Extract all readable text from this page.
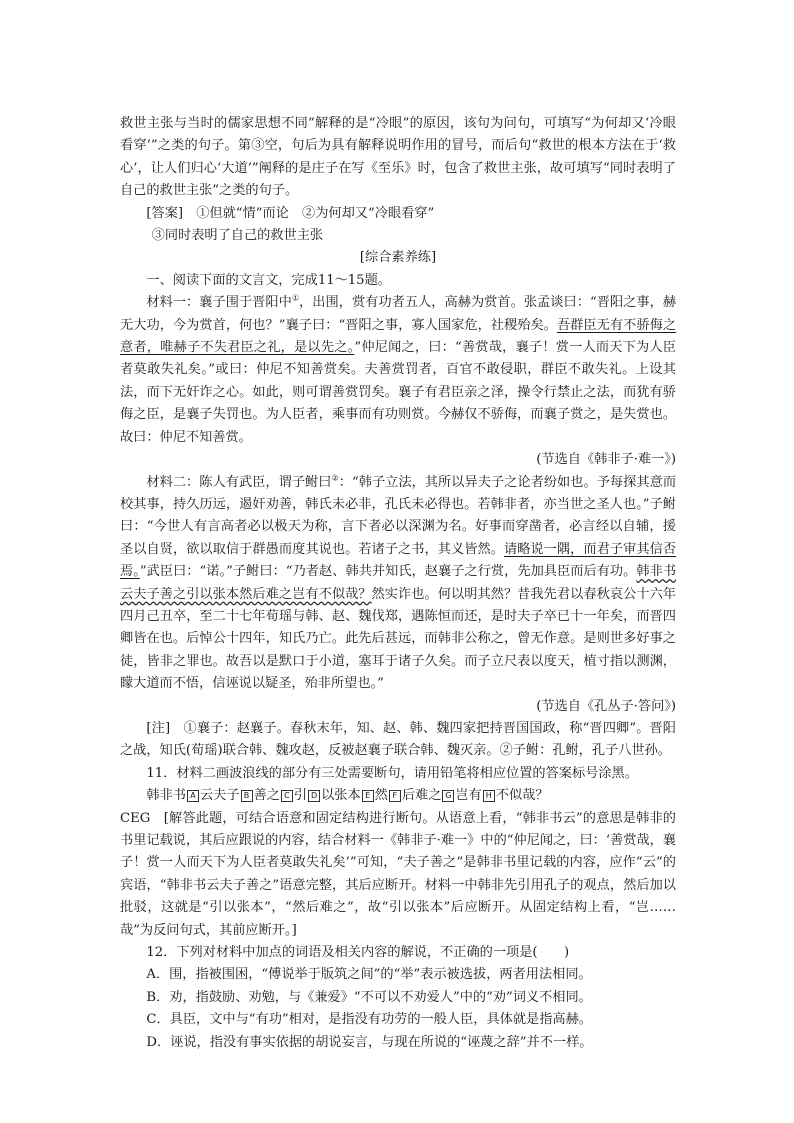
救世主张与当时的儒家思想不同”解释的是“冷眼”的原因，该句为问句，可填写“为何却又‘冷眼看穿’”之类的句子。第③空，句后为具有解释说明作用的冒号，而后句“救世的根本方法在于‘救心’，让人们归心‘大道’”阐释的是庄子在写《至乐》时，包含了救世主张，故可填写“同时表明了自己的救世主张”之类的句子。

[答案]　 ①但就“情”而论　 ②为何却又“冷眼看穿”

③同时表明了自己的救世主张

[综合素养练]

一、阅读下面的文言文，完成11～15题。

材料一：襄子围于晋阳中①，出围，赏有功者五人，高赫为赏首。张孟谈曰：“晋阳之事，赫无大功，今为赏首，何也？”襄子曰：“晋阳之事，寡人国家危，社稷殆矣。吾群臣无有不骄侮之意者，唯赫子不失君臣之礼，是以先之。”仲尼闻之，曰：“善赏哉，襄子！赏一人而天下为人臣者莫敢失礼矣。”或曰：仲尼不知善赏矣。夫善赏罚者，百官不敢侵职，群臣不敢失礼。上设其法，而下无奸诈之心。如此，则可谓善赏罚矣。襄子有君臣亲之泽，操令行禁止之法，而犹有骄侮之臣，是襄子失罚也。为人臣者，乘事而有功则赏。今赫仅不骄侮，而襄子赏之，是失赏也。故曰：仲尼不知善赏。

(节选自《韩非子·难一》)

材料二：陈人有武臣，谓子鲋曰②：“韩子立法，其所以异夫子之论者纷如也。予每探其意而校其事，持久历远，遏奸劝善，韩氏未必非，孔氏未必得也。若韩非者，亦当世之圣人也。”子鲋曰：“今世人有言高者必以极天为称，言下者必以深渊为名。好事而穿凿者，必言经以自辅，援圣以自贤，欲以取信于群愚而度其说也。若诸子之书，其义皆然。请略说一隅，而君子审其信否焉。”武臣曰：“诺。”子鲋曰：“乃者赵、韩共并知氏，赵襄子之行赏，先加具臣而后有功。韩非书云夫子善之引以张本然后难之岂有不似哉？然实诈也。何以明其然？昔我先君以春秋哀公十六年四月己丑卒，至二十七年荀瑶与韩、赵、魏伐郑，遇陈恒而还，是时夫子卒已十一年矣，而晋四卿皆在也。后悼公十四年，知氏乃亡。此先后甚远，而韩非公称之，曾无作意。是则世多好事之徒，皆非之罪也。故吾以是默口于小道，塞耳于诸子久矣。而子立尺表以度天，植寸指以测渊，矇大道而不悟，信诬说以疑圣，殆非所望也。”

(节选自《孔丛子·答问》)

[注]　①襄子：赵襄子。春秋末年，知、赵、韩、魏四家把持晋国国政，称“晋四卿”。晋阳之战，知氏(荀瑶)联合韩、魏攻赵，反被赵襄子联合韩、魏灭亲。②子鲋：孔鲋，孔子八世孙。

11．材料二画波浪线的部分有三处需要断句，请用铅笔将相应位置的答案标号涂黑。

韩非书 A 云夫子 B 善之 C 引 D 以张本 E 然 F 后难之 G 岂有 H 不似哉？

CEG　[解答此题，可结合语意和固定结构进行断句。从语意上看，“韩非书云”的意思是韩非的书里记载说，其后应跟说的内容，结合材料一《韩非子·难一》中的“仲尼闻之，曰：‘善赏哉，襄子！赏一人而天下为人臣者莫敢失礼矣’”可知，“夫子善之”是韩非书里记载的内容，应作“云”的宾语，“韩非书云夫子善之”语意完整，其后应断开。材料一中韩非先引用孔子的观点，然后加以批驳，这就是“引以张本”，“然后难之”，故“引以张本”后应断开。从固定结构上看，“岂……哉”为反问句式，其前应断开。]

12．下列对材料中加点的词语及相关内容的解说，不正确的一项是(　　)

A．围，指被围困，“傅说举于版筑之间”的“举”表示被选拔，两者用法相同。

B．劝，指鼓励、劝勉，与《兼爱》“不可以不劝爱人”中的“劝”词义不相同。

C．具臣，文中与“有功”相对，是指没有功劳的一般人臣，具体就是指高赫。

D．诬说，指没有事实依据的胡说妄言，与现在所说的“诬蔑之辞”并不一样。
